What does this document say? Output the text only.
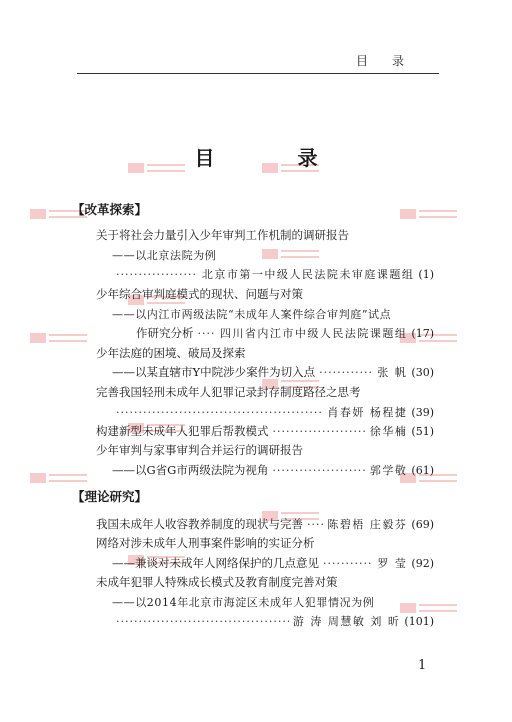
目录
目 录
【改革探索】
关于将社会力量引入少年审判工作机制的调研报告
——以北京法院为例
·····
北京市第一中级人民法院未审庭课题组 (1)
少年综合审判庭模式的现状、问题与对策
——以内江市两级法院“未成年人案件综合审判庭”试点
作研究分析 ····· 四川省内江市中级人民法院课题组 (17)
少年法庭的困境、破局及探索
——以某直辖市Y中院涉少案件为切入点 ·····	张 帆 (30)
完善我国轻刑未成年人犯罪记录封存制度路径之思考
·····
肖春妍 杨程捷 (39)
构建新型未成年人犯罪后帮教模式 ·····	徐华楠 (51)
少年审判与家事审判合并运行的调研报告
——以G省G市两级法院为视角 ·····	郭学敬 (61)
【理论研究】
我国未成年人收容教养制度的现状与完善 ····· 陈碧梧 庄毅芬 (69)
网络对涉未成年人刑事案件影响的实证分析
——兼谈对未成年人网络保护的几点意见 ·····	罗 莹 (92)
未成年犯罪人特殊成长模式及教育制度完善对策
——以2014年北京市海淀区未成年人犯罪情况为例
·····
游 涛 周慧敏 刘 昕 (101)
1
